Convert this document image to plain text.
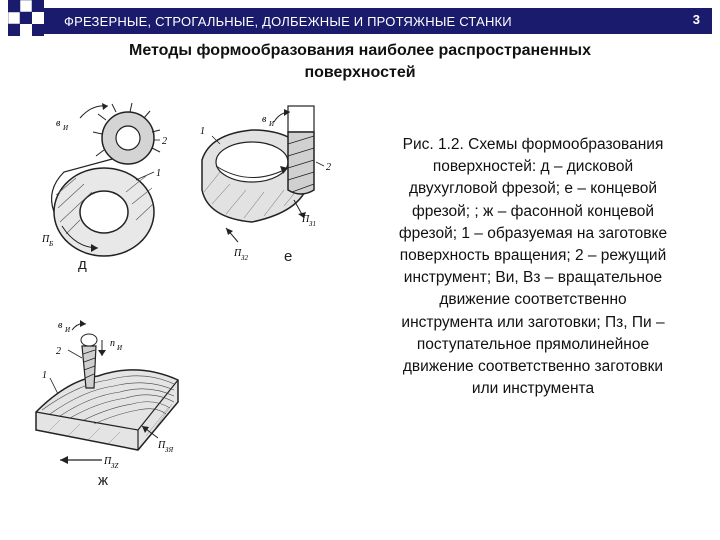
ФРЕЗЕРНЫЕ, СТРОГАЛЬНЫЕ, ДОЛБЕЖНЫЕ И ПРОТЯЖНЫЕ СТАНКИ	3
Методы формообразования наиболее распространенных
поверхностей
в И
2
1
П Б
д
1
в И
2
П З1
П З2 е
в И
п И
2
1
П ЗЯ
П ЗZ
ж
Рис. 1.2. Схемы формообразования
поверхностей: д – дисковой
двухугловой фрезой; е – концевой
фрезой; ; ж – фасонной концевой
фрезой; 1 – образуемая на заготовке
поверхность вращения; 2 – режущий
инструмент; Ви, Вз – вращательное
движение соответственно
инструмента или заготовки; Пз, Пи –
поступательное прямолинейное
движение соответственно заготовки
или инструмента
